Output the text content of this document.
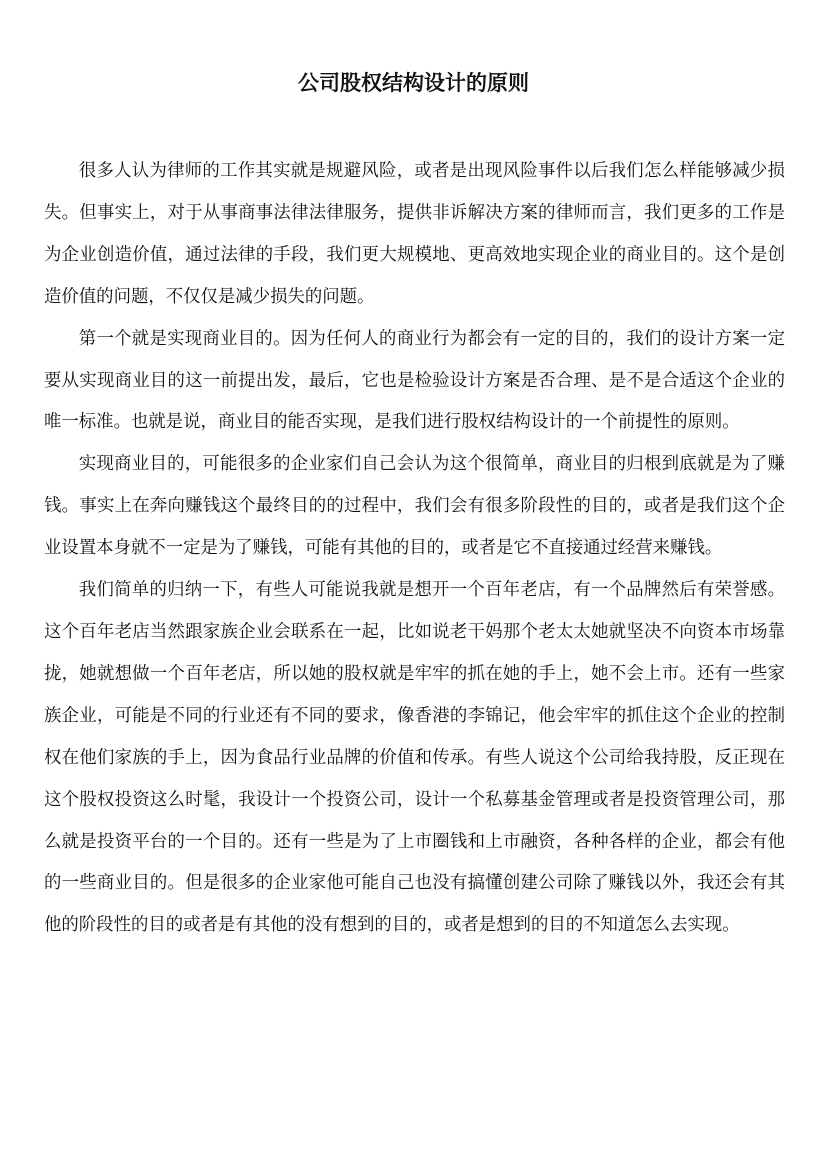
公司股权结构设计的原则

很多人认为律师的工作其实就是规避风险，或者是出现风险事件以后我们怎么样能够减少损失。但事实上，对于从事商事法律法律服务，提供非诉解决方案的律师而言，我们更多的工作是为企业创造价值，通过法律的手段，我们更大规模地、更高效地实现企业的商业目的。这个是创造价值的问题，不仅仅是减少损失的问题。

第一个就是实现商业目的。因为任何人的商业行为都会有一定的目的，我们的设计方案一定要从实现商业目的这一前提出发，最后，它也是检验设计方案是否合理、是不是合适这个企业的唯一标准。也就是说，商业目的能否实现，是我们进行股权结构设计的一个前提性的原则。

实现商业目的，可能很多的企业家们自己会认为这个很简单，商业目的归根到底就是为了赚钱。事实上在奔向赚钱这个最终目的的过程中，我们会有很多阶段性的目的，或者是我们这个企业设置本身就不一定是为了赚钱，可能有其他的目的，或者是它不直接通过经营来赚钱。

我们简单的归纳一下，有些人可能说我就是想开一个百年老店，有一个品牌然后有荣誉感。这个百年老店当然跟家族企业会联系在一起，比如说老干妈那个老太太她就坚决不向资本市场靠拢，她就想做一个百年老店，所以她的股权就是牢牢的抓在她的手上，她不会上市。还有一些家族企业，可能是不同的行业还有不同的要求，像香港的李锦记，他会牢牢的抓住这个企业的控制权在他们家族的手上，因为食品行业品牌的价值和传承。有些人说这个公司给我持股，反正现在这个股权投资这么时髦，我设计一个投资公司，设计一个私募基金管理或者是投资管理公司，那么就是投资平台的一个目的。还有一些是为了上市圈钱和上市融资，各种各样的企业，都会有他的一些商业目的。但是很多的企业家他可能自己也没有搞懂创建公司除了赚钱以外，我还会有其他的阶段性的目的或者是有其他的没有想到的目的，或者是想到的目的不知道怎么去实现。
